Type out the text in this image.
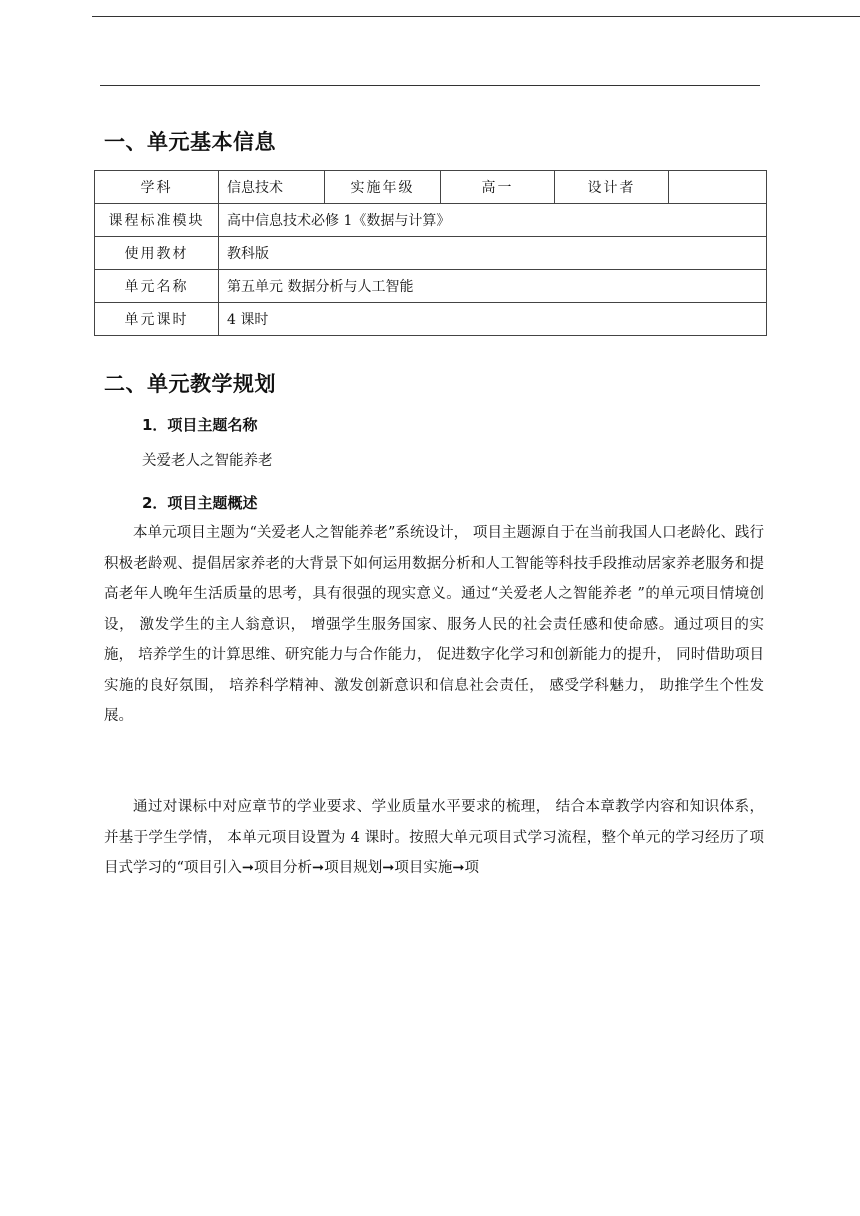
一、单元基本信息
学科	信息技术	实施年级	高一	设计者	
课程标准模块	高中信息技术必修 1《数据与计算》				
使用教材	教科版				
单元名称	第五单元 数据分析与人工智能				
单元课时	4 课时				
二、单元教学规划
1．项目主题名称
关爱老人之智能养老
2．项目主题概述

本单元项目主题为“关爱老人之智能养老”系统设计， 项目主题源自于在当前我国人口老龄化、践行积极老龄观、提倡居家养老的大背景下如何运用数据分析和人工智能等科技手段推动居家养老服务和提高老年人晚年生活质量的思考，具有很强的现实意义。通过“关爱老人之智能养老 ”的单元项目情境创设， 激发学生的主人翁意识， 增强学生服务国家、服务人民的社会责任感和使命感。通过项目的实施， 培养学生的计算思维、研究能力与合作能力， 促进数字化学习和创新能力的提升， 同时借助项目实施的良好氛围， 培养科学精神、激发创新意识和信息社会责任， 感受学科魅力， 助推学生个性发展。

通过对课标中对应章节的学业要求、学业质量水平要求的梳理， 结合本章教学内容和知识体系， 并基于学生学情， 本单元项目设置为 4 课时。按照大单元项目式学习流程，整个单元的学习经历了项目式学习的“项目引入➞项目分析➞项目规划➞项目实施➞项
